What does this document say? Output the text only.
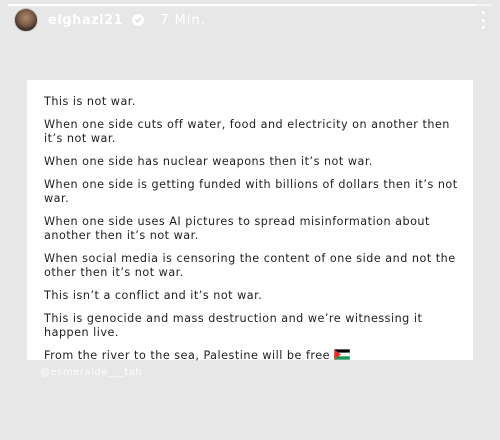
elghazi21	7 Min.

This is not war.

When one side cuts off water, food and electricity on another then it’s not war.

When one side has nuclear weapons then it’s not war.

When one side is getting funded with billions of dollars then it’s not war.

When one side uses AI pictures to spread misinformation about another then it’s not war.

When social media is censoring the content of one side and not the other then it’s not war.

This isn’t a conflict and it’s not war.

This is genocide and mass destruction and we’re witnessing it happen live.

From the river to the sea, Palestine will be free

@esmeralda___tah
